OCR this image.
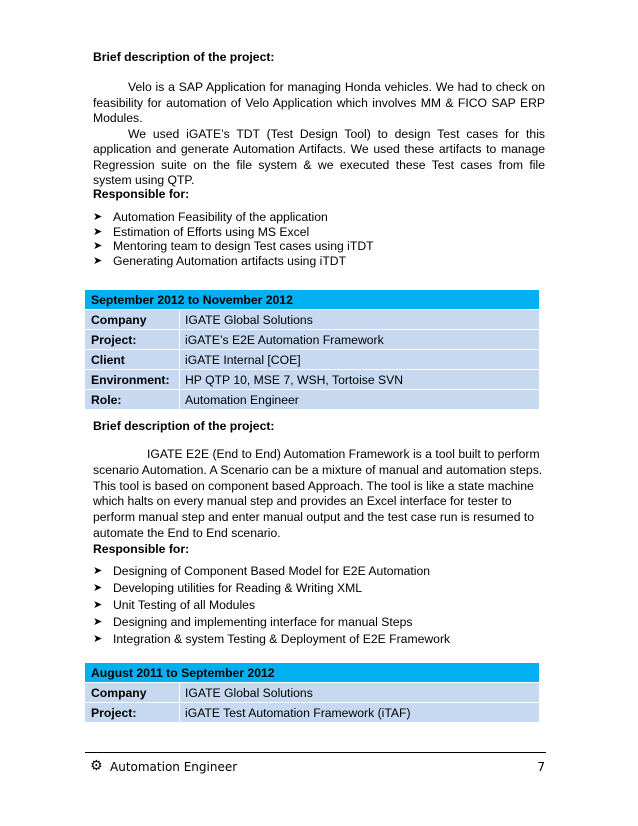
Brief description of the project:

Velo is a SAP Application for managing Honda vehicles. We had to check on feasibility for automation of Velo Application which involves MM & FICO SAP ERP Modules.

We used iGATE’s TDT (Test Design Tool) to design Test cases for this application and generate Automation Artifacts. We used these artifacts to manage Regression suite on the file system & we executed these Test cases from file system using QTP.

Responsible for:
➤ Automation Feasibility of the application
➤ Estimation of Efforts using MS Excel
➤ Mentoring team to design Test cases using iTDT
➤ Generating Automation artifacts using iTDT
September 2012 to November 2012	
Company	IGATE Global Solutions
Project:	iGATE’s E2E Automation Framework
Client	iGATE Internal [COE]
Environment:	HP QTP 10, MSE 7, WSH, Tortoise SVN
Role:	Automation Engineer
Brief description of the project:

IGATE E2E (End to End) Automation Framework is a tool built to perform scenario Automation. A Scenario can be a mixture of manual and automation steps. This tool is based on component based Approach. The tool is like a state machine which halts on every manual step and provides an Excel interface for tester to perform manual step and enter manual output and the test case run is resumed to automate the End to End scenario.

Responsible for:
➤ Designing of Component Based Model for E2E Automation
➤ Developing utilities for Reading & Writing XML
➤ Unit Testing of all Modules
➤ Designing and implementing interface for manual Steps
➤ Integration & system Testing & Deployment of E2E Framework
August 2011 to September 2012	
Company	IGATE Global Solutions
Project:	iGATE Test Automation Framework (iTAF)
⚙ Automation Engineer	7
